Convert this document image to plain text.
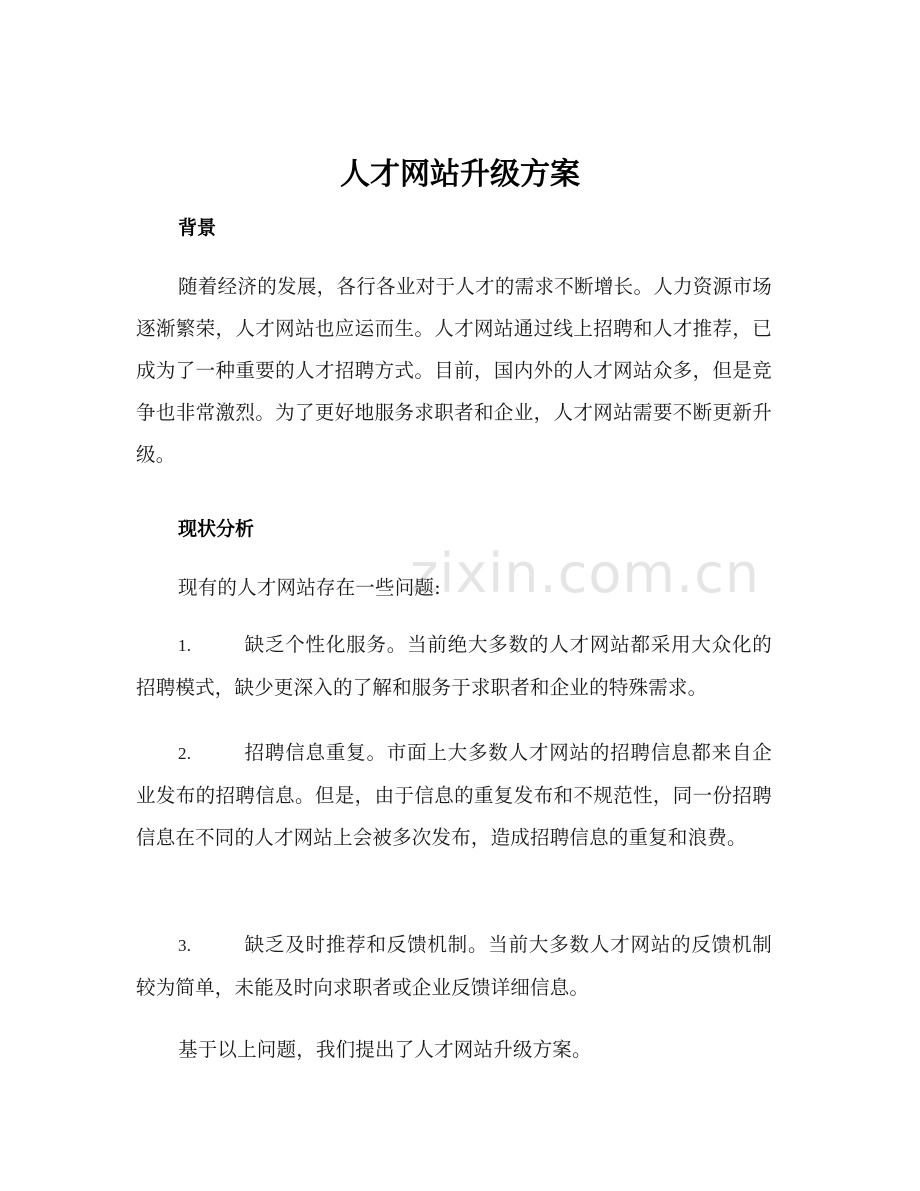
zixin.com.cn
人才网站升级方案
背景

随着经济的发展，各行各业对于人才的需求不断增长。人力资源市场逐渐繁荣，人才网站也应运而生。人才网站通过线上招聘和人才推荐，已成为了一种重要的人才招聘方式。目前，国内外的人才网站众多，但是竞争也非常激烈。为了更好地服务求职者和企业，人才网站需要不断更新升级。

现状分析

现有的人才网站存在一些问题:

1.	缺乏个性化服务。当前绝大多数的人才网站都采用大众化的招聘模式，缺少更深入的了解和服务于求职者和企业的特殊需求。

2.	招聘信息重复。市面上大多数人才网站的招聘信息都来自企业发布的招聘信息。但是，由于信息的重复发布和不规范性，同一份招聘信息在不同的人才网站上会被多次发布，造成招聘信息的重复和浪费。

3.	缺乏及时推荐和反馈机制。当前大多数人才网站的反馈机制较为简单，未能及时向求职者或企业反馈详细信息。

基于以上问题，我们提出了人才网站升级方案。
